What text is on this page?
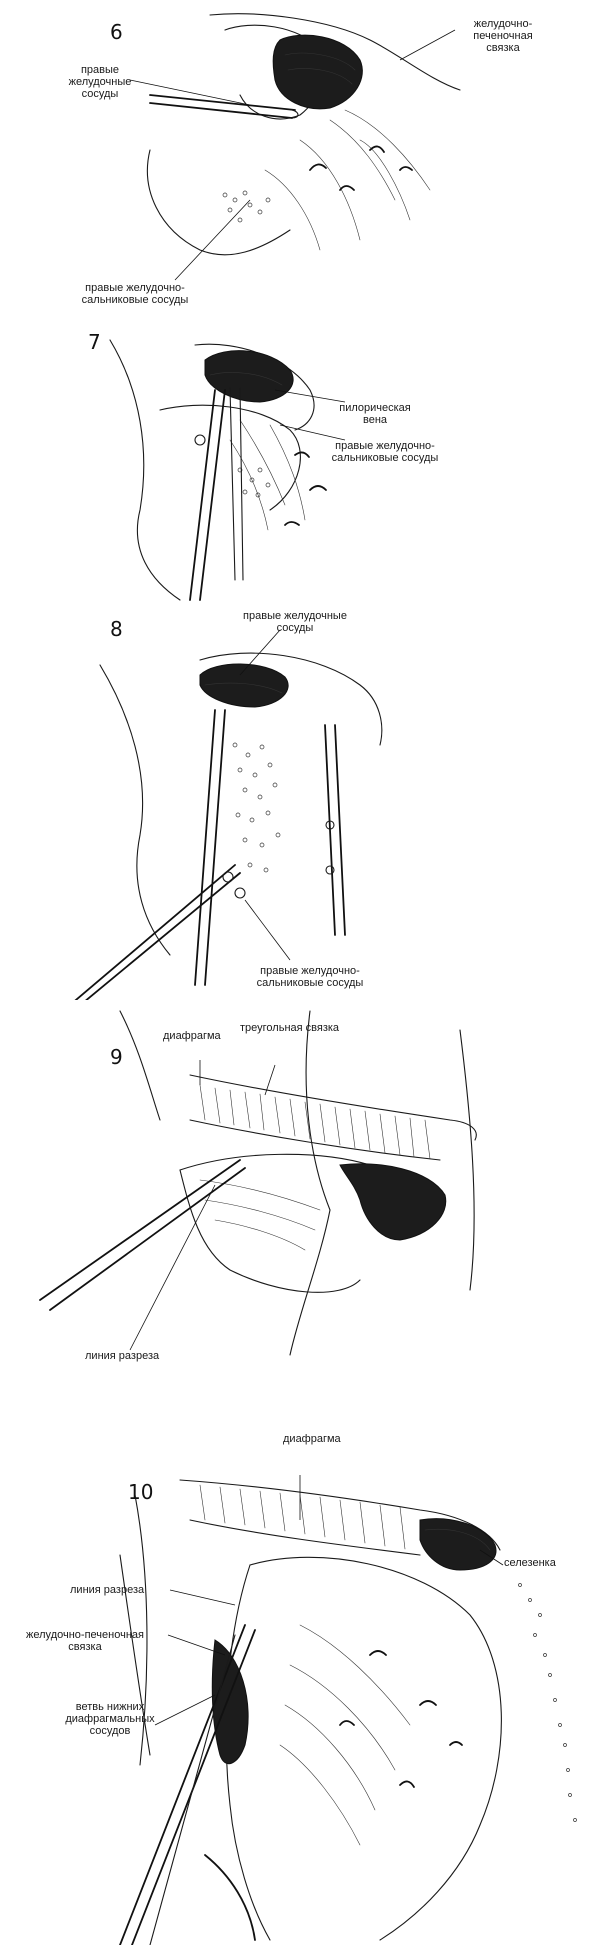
6	желудочно-
печеночная
связка
правые
желудочные
сосуды
правые желудочно-
сальниковые сосуды
7
пилорическая
вена
правые желудочно-
сальниковые сосуды
8
правые желудочные
сосуды
правые желудочно-
сальниковые сосуды
9
диафрагма
треугольная связка
линия разреза
10
диафрагма
селезенка
линия разреза
желудочно-печеночная
связка
ветвь нижних
диафрагмальных
сосудов
